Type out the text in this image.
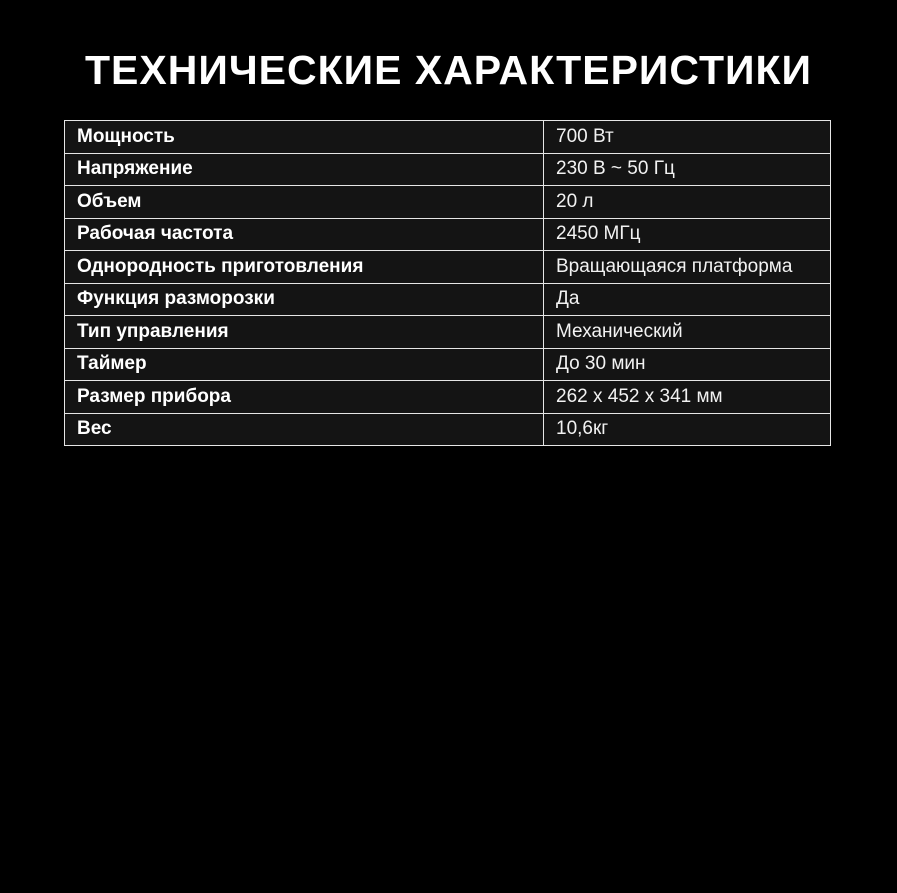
ТЕХНИЧЕСКИЕ ХАРАКТЕРИСТИКИ
Мощность	700 Вт
Напряжение	230 В ~ 50 Гц
Объем	20 л
Рабочая частота	2450 МГц
Однородность приготовления	Вращающаяся платформа
Функция разморозки	Да
Тип управления	Механический
Таймер	До 30 мин
Размер прибора	262 х 452 х 341 мм
Вес	10,6кг
